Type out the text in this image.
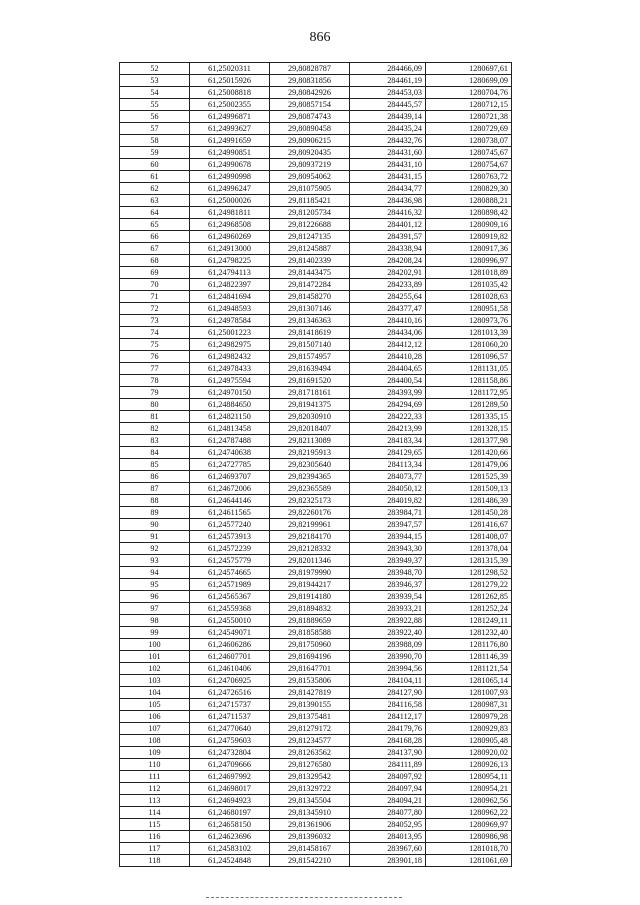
866
52	61,25020311	29,80828787	284466,09	1280697,61
53	61,25015926	29,80831856	284461,19	1280699,09
54	61,25008818	29,80842926	284453,03	1280704,76
55	61,25002355	29,80857154	284445,57	1280712,15
56	61,24996871	29,80874743	284439,14	1280721,38
57	61,24993627	29,80890458	284435,24	1280729,69
58	61,24991659	29,80906215	284432,76	1280738,07
59	61,24990851	29,80920435	284431,60	1280745,67
60	61,24990678	29,80937219	284431,10	1280754,67
61	61,24990998	29,80954062	284431,15	1280763,72
62	61,24996247	29,81075905	284434,77	1280829,30
63	61,25000026	29,81185421	284436,98	1280888,21
64	61,24981811	29,81205734	284416,32	1280898,42
65	61,24968508	29,81226688	284401,12	1280909,16
66	61,24960269	29,81247135	284391,57	1280919,82
67	61,24913000	29,81245887	284338,94	1280917,36
68	61,24798225	29,81402339	284208,24	1280996,97
69	61,24794113	29,81443475	284202,91	1281018,89
70	61,24822397	29,81472284	284233,89	1281035,42
71	61,24841694	29,81458270	284255,64	1281028,63
72	61,24948593	29,81307146	284377,47	1280951,58
73	61,24978584	29,81346363	284410,16	1280973,76
74	61,25001223	29,81418619	284434,06	1281013,39
75	61,24982975	29,81507140	284412,12	1281060,20
76	61,24982432	29,81574957	284410,28	1281096,57
77	61,24978433	29,81639494	284404,65	1281131,05
78	61,24975594	29,81691520	284400,54	1281158,86
79	61,24970150	29,81718161	284393,99	1281172,95
80	61,24884650	29,81941375	284294,69	1281289,50
81	61,24821150	29,82030910	284222,33	1281335,15
82	61,24813458	29,82018407	284213,99	1281328,15
83	61,24787488	29,82113089	284183,34	1281377,98
84	61,24740638	29,82195913	284129,65	1281420,66
85	61,24727785	29,82305640	284113,34	1281479,06
86	61,24693707	29,82394365	284073,77	1281525,39
87	61,24672006	29,82365589	284050,12	1281509,13
88	61,24644146	29,82325173	284019,82	1281486,39
89	61,24611565	29,82260176	283984,71	1281450,28
90	61,24577240	29,82199961	283947,57	1281416,67
91	61,24573913	29,82184170	283944,15	1281408,07
92	61,24572239	29,82128332	283943,30	1281378,04
93	61,24575779	29,82011346	283949,37	1281315,39
94	61,24574665	29,81979990	283948,70	1281298,52
95	61,24571989	29,81944217	283946,37	1281279,22
96	61,24565367	29,81914180	283939,54	1281262,85
97	61,24559368	29,81894832	283933,21	1281252,24
98	61,24550010	29,81889659	283922,88	1281249,11
99	61,24549071	29,81858588	283922,40	1281232,40
100	61,24606286	29,81750960	283988,09	1281176,80
101	61,24607701	29,81694196	283990,70	1281146,39
102	61,24610406	29,81647701	283994,56	1281121,54
103	61,24706925	29,81535806	284104,11	1281065,14
104	61,24726516	29,81427819	284127,90	1281007,93
105	61,24715737	29,81390155	284116,58	1280987,31
106	61,24711537	29,81375481	284112,17	1280979,28
107	61,24770640	29,81279172	284179,76	1280929,83
108	61,24759603	29,81234577	284168,28	1280905,48
109	61,24732804	29,81263562	284137,90	1280920,02
110	61,24709666	29,81276580	284111,89	1280926,13
111	61,24697992	29,81329542	284097,92	1280954,11
112	61,24698017	29,81329722	284097,94	1280954,21
113	61,24694923	29,81345504	284094,21	1280962,56
114	61,24680197	29,81345910	284077,80	1280962,22
115	61,24658150	29,81361906	284052,95	1280969,97
116	61,24623696	29,81396032	284013,95	1280986,98
117	61,24583102	29,81458167	283967,60	1281018,70
118	61,24524848	29,81542210	283901,18	1281061,69
